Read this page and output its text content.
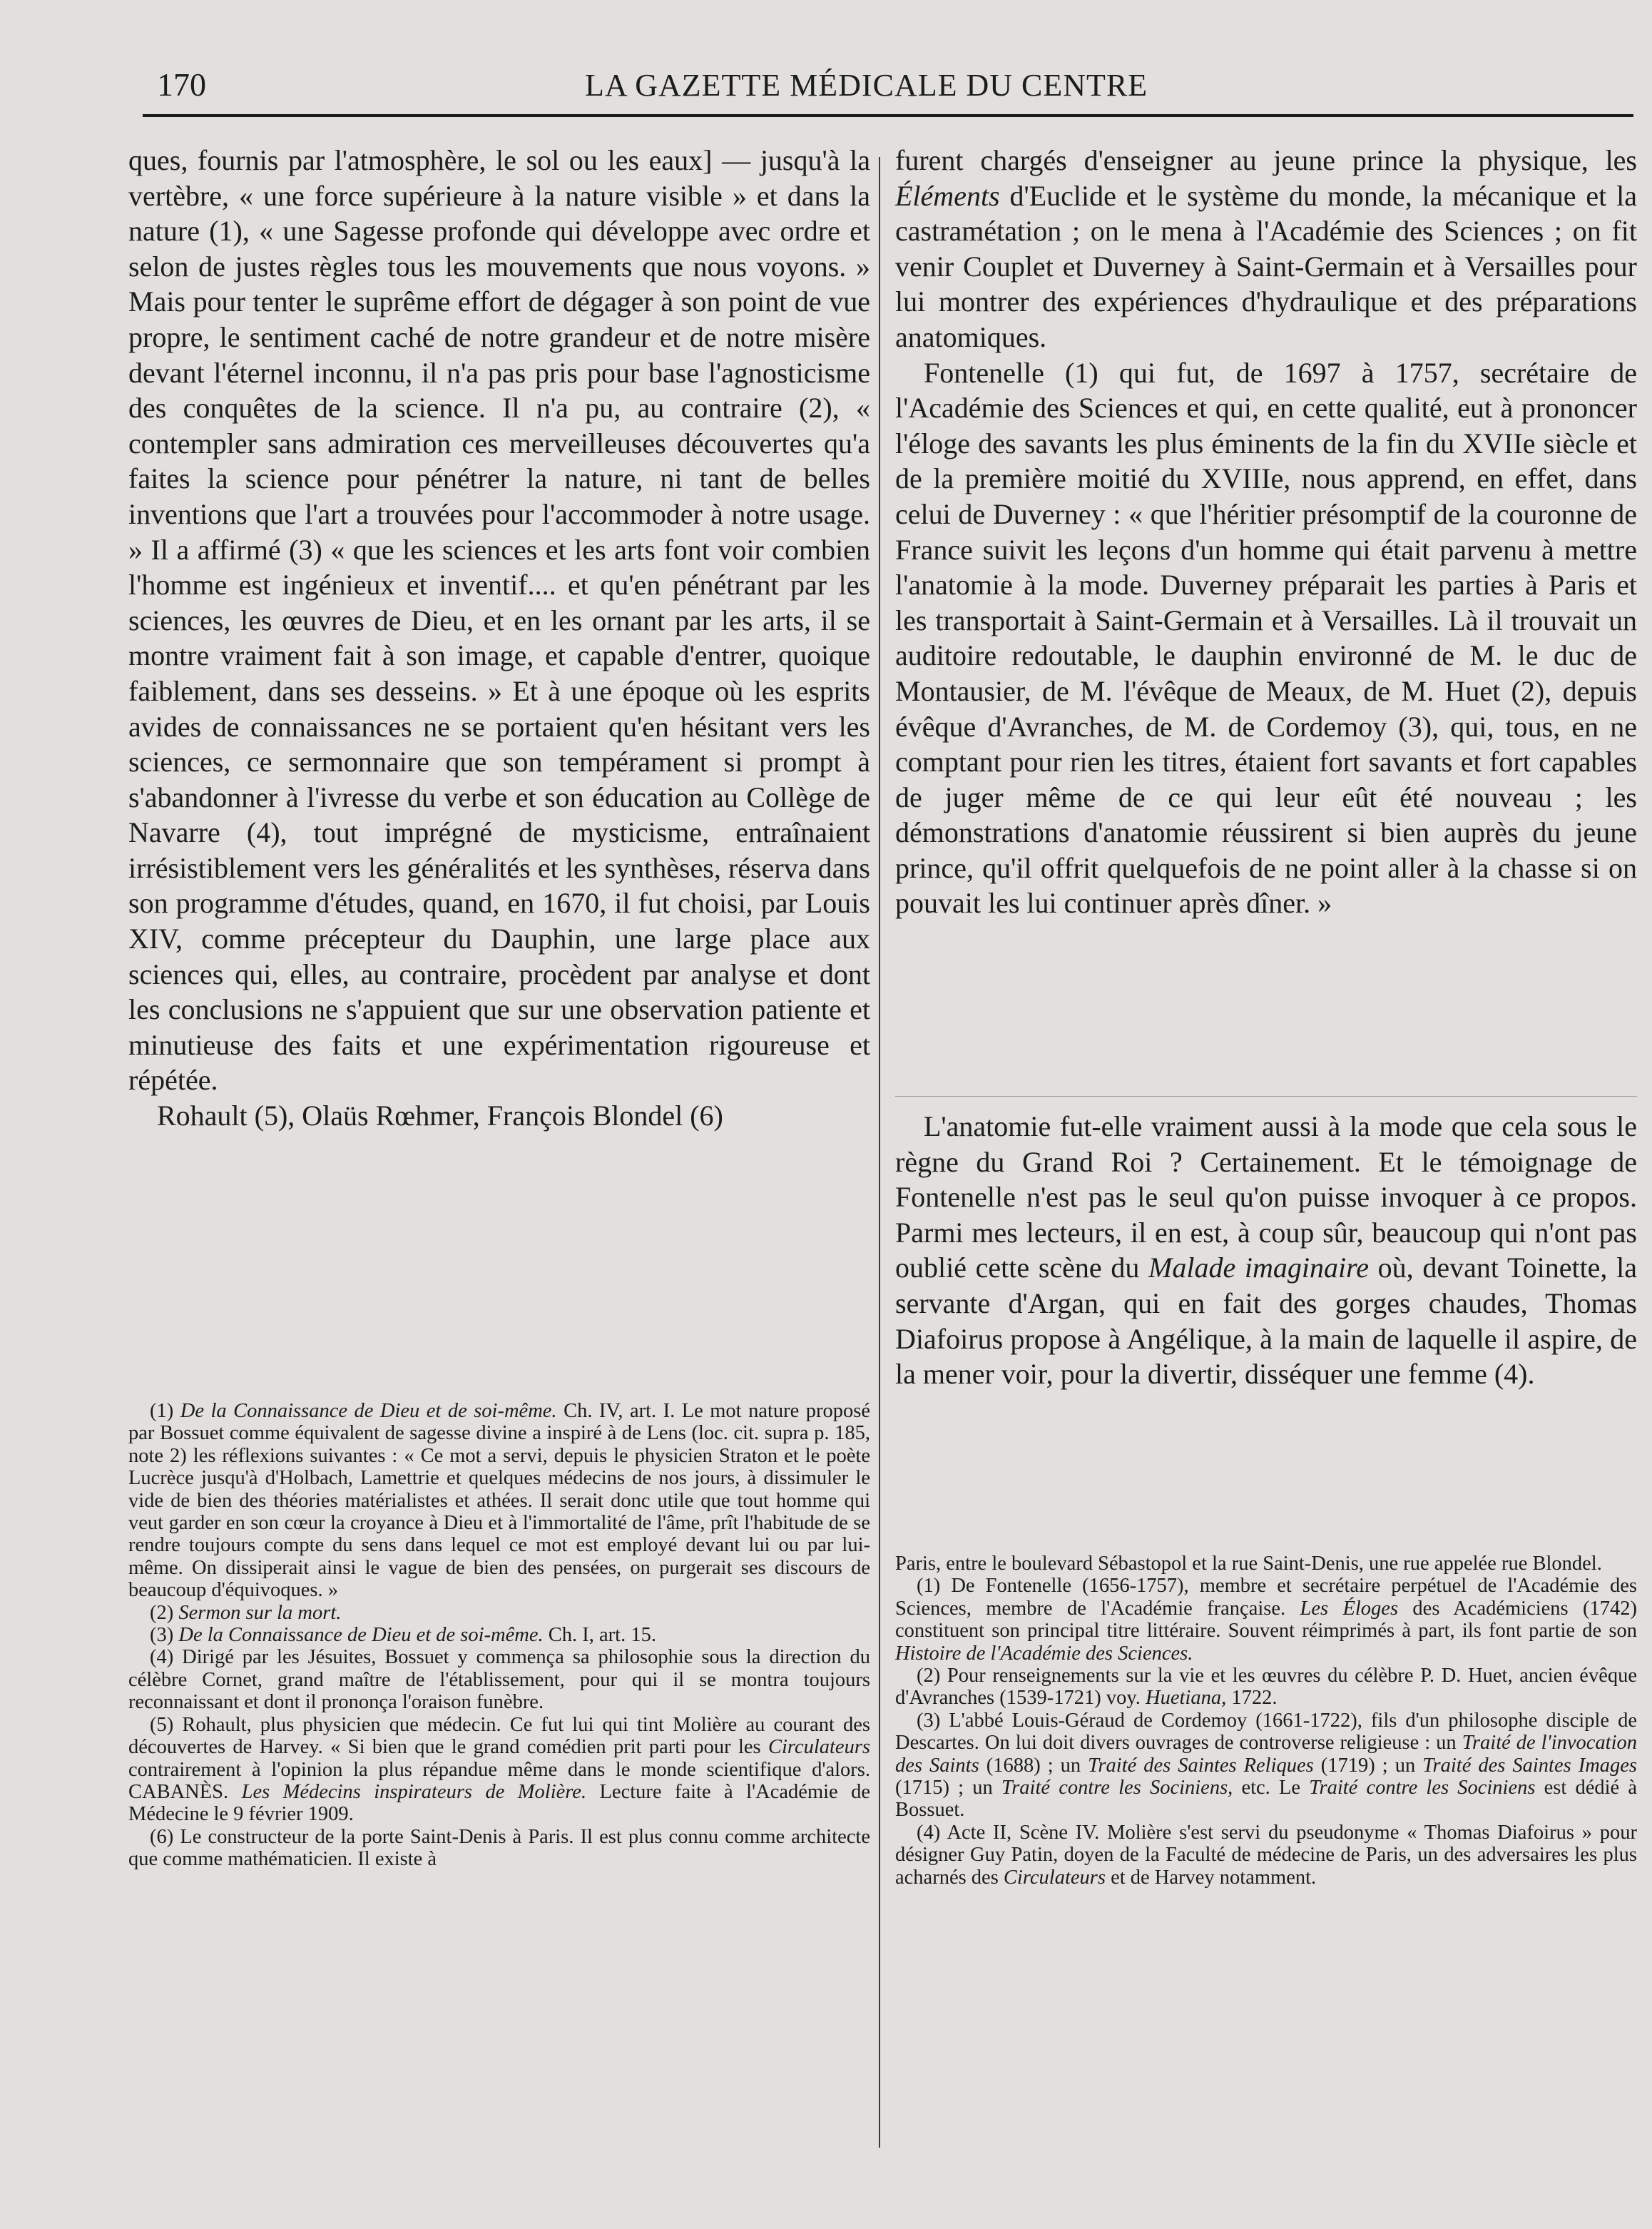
170	LA GAZETTE MÉDICALE DU CENTRE

ques, fournis par l'atmosphère, le sol ou les eaux] — jusqu'à la vertèbre, « une force supérieure à la nature visible » et dans la nature (1), « une Sagesse profonde qui développe avec ordre et selon de justes règles tous les mouvements que nous voyons. » Mais pour tenter le suprême effort de dégager à son point de vue propre, le sentiment caché de notre grandeur et de notre misère devant l'éternel inconnu, il n'a pas pris pour base l'agnosticisme des conquêtes de la science. Il n'a pu, au contraire (2), « contempler sans admiration ces merveilleuses découvertes qu'a faites la science pour pénétrer la nature, ni tant de belles inventions que l'art a trouvées pour l'accommoder à notre usage. » Il a affirmé (3) « que les sciences et les arts font voir combien l'homme est ingénieux et inventif.... et qu'en pénétrant par les sciences, les œuvres de Dieu, et en les ornant par les arts, il se montre vraiment fait à son image, et capable d'entrer, quoique faiblement, dans ses desseins. » Et à une époque où les esprits avides de connaissances ne se portaient qu'en hésitant vers les sciences, ce sermonnaire que son tempérament si prompt à s'abandonner à l'ivresse du verbe et son éducation au Collège de Navarre (4), tout imprégné de mysticisme, entraînaient irrésistiblement vers les généralités et les synthèses, réserva dans son programme d'études, quand, en 1670, il fut choisi, par Louis XIV, comme précepteur du Dauphin, une large place aux sciences qui, elles, au contraire, procèdent par analyse et dont les conclusions ne s'appuient que sur une observation patiente et minutieuse des faits et une expérimentation rigoureuse et répétée.

Rohault (5), Olaüs Rœhmer, François Blondel (6)

(1) De la Connaissance de Dieu et de soi-même. Ch. IV, art. I. Le mot nature proposé par Bossuet comme équivalent de sagesse divine a inspiré à de Lens (loc. cit. supra p. 185, note 2) les réflexions suivantes : « Ce mot a servi, depuis le physicien Straton et le poète Lucrèce jusqu'à d'Holbach, Lamettrie et quelques médecins de nos jours, à dissimuler le vide de bien des théories matérialistes et athées. Il serait donc utile que tout homme qui veut garder en son cœur la croyance à Dieu et à l'immortalité de l'âme, prît l'habitude de se rendre toujours compte du sens dans lequel ce mot est employé devant lui ou par lui-même. On dissiperait ainsi le vague de bien des pensées, on purgerait ses discours de beaucoup d'équivoques. »

(2) Sermon sur la mort.

(3) De la Connaissance de Dieu et de soi-même. Ch. I, art. 15.

(4) Dirigé par les Jésuites, Bossuet y commença sa philosophie sous la direction du célèbre Cornet, grand maître de l'établissement, pour qui il se montra toujours reconnaissant et dont il prononça l'oraison funèbre.

(5) Rohault, plus physicien que médecin. Ce fut lui qui tint Molière au courant des découvertes de Harvey. « Si bien que le grand comédien prit parti pour les Circulateurs contrairement à l'opinion la plus répandue même dans le monde scientifique d'alors. CABANÈS. Les Médecins inspirateurs de Molière. Lecture faite à l'Académie de Médecine le 9 février 1909.

(6) Le constructeur de la porte Saint-Denis à Paris. Il est plus connu comme architecte que comme mathématicien. Il existe à

furent chargés d'enseigner au jeune prince la physique, les Éléments d'Euclide et le système du monde, la mécanique et la castramétation ; on le mena à l'Académie des Sciences ; on fit venir Couplet et Duverney à Saint-Germain et à Versailles pour lui montrer des expériences d'hydraulique et des préparations anatomiques.

Fontenelle (1) qui fut, de 1697 à 1757, secrétaire de l'Académie des Sciences et qui, en cette qualité, eut à prononcer l'éloge des savants les plus éminents de la fin du XVIIe siècle et de la première moitié du XVIIIe, nous apprend, en effet, dans celui de Duverney : « que l'héritier présomptif de la couronne de France suivit les leçons d'un homme qui était parvenu à mettre l'anatomie à la mode. Duverney préparait les parties à Paris et les transportait à Saint-Germain et à Versailles. Là il trouvait un auditoire redoutable, le dauphin environné de M. le duc de Montausier, de M. l'évêque de Meaux, de M. Huet (2), depuis évêque d'Avranches, de M. de Cordemoy (3), qui, tous, en ne comptant pour rien les titres, étaient fort savants et fort capables de juger même de ce qui leur eût été nouveau ; les démonstrations d'anatomie réussirent si bien auprès du jeune prince, qu'il offrit quelquefois de ne point aller à la chasse si on pouvait les lui continuer après dîner. »

L'anatomie fut-elle vraiment aussi à la mode que cela sous le règne du Grand Roi ? Certainement. Et le témoignage de Fontenelle n'est pas le seul qu'on puisse invoquer à ce propos. Parmi mes lecteurs, il en est, à coup sûr, beaucoup qui n'ont pas oublié cette scène du Malade imaginaire où, devant Toinette, la servante d'Argan, qui en fait des gorges chaudes, Thomas Diafoirus propose à Angélique, à la main de laquelle il aspire, de la mener voir, pour la divertir, disséquer une femme (4).

Paris, entre le boulevard Sébastopol et la rue Saint-Denis, une rue appelée rue Blondel.

(1) De Fontenelle (1656-1757), membre et secrétaire perpétuel de l'Académie des Sciences, membre de l'Académie française. Les Éloges des Académiciens (1742) constituent son principal titre littéraire. Souvent réimprimés à part, ils font partie de son Histoire de l'Académie des Sciences.

(2) Pour renseignements sur la vie et les œuvres du célèbre P. D. Huet, ancien évêque d'Avranches (1539-1721) voy. Huetiana, 1722.

(3) L'abbé Louis-Géraud de Cordemoy (1661-1722), fils d'un philosophe disciple de Descartes. On lui doit divers ouvrages de controverse religieuse : un Traité de l'invocation des Saints (1688) ; un Traité des Saintes Reliques (1719) ; un Traité des Saintes Images (1715) ; un Traité contre les Sociniens, etc. Le Traité contre les Sociniens est dédié à Bossuet.

(4) Acte II, Scène IV. Molière s'est servi du pseudonyme « Thomas Diafoirus » pour désigner Guy Patin, doyen de la Faculté de médecine de Paris, un des adversaires les plus acharnés des Circulateurs et de Harvey notamment.
